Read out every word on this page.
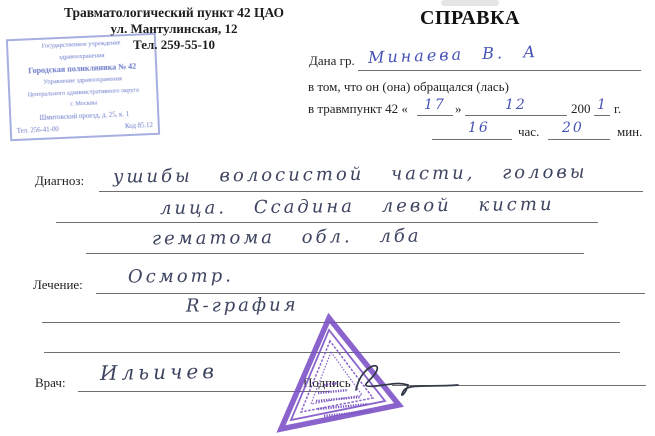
Травматологический пункт 42 ЦАО
ул. Мантулинская, 12
Тел. 259-55-10
Государственное учреждение
здравоохранения
Городская поликлиника № 42
Управление здравоохранения
Центрального административного округа
г. Москвы
Шмитовский проезд, д. 25, к. 1
Тел. 256-41-00
Код 85.12
СПРАВКА
Дана гр. Минаева В. А
в том, что он (она) обращался (лась)
в травмпункт 42 « 17 »	12	200 1 г.
16 час. 20	мин.
Диагноз: ушибы волосистой части, головы
лица. Ссадина левой кисти
гематома обл. лба
Лечение:	Осмотр.
R-графия
Врач: Ильичев	Подпись
